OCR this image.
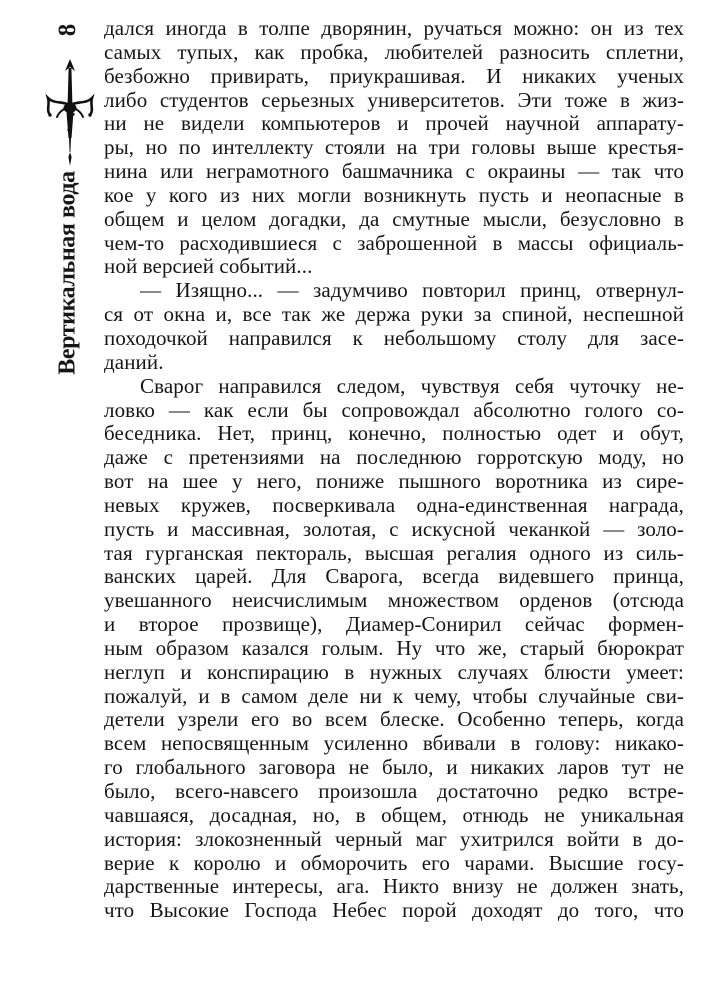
8
Вертикальная вода
дался иногда в толпе дворянин, ручаться можно: он из тех
самых тупых, как пробка, любителей разносить сплетни,
безбожно привирать, приукрашивая. И никаких ученых
либо студентов серьезных университетов. Эти тоже в жиз-
ни не видели компьютеров и прочей научной аппарату-
ры, но по интеллекту стояли на три головы выше крестья-
нина или неграмотного башмачника с окраины — так что
кое у кого из них могли возникнуть пусть и неопасные в
общем и целом догадки, да смутные мысли, безусловно в
чем-то расходившиеся с заброшенной в массы официаль-
ной версией событий...
— Изящно... — задумчиво повторил принц, отвернул-
ся от окна и, все так же держа руки за спиной, неспешной
походочкой направился к небольшому столу для засе-
даний.
Сварог направился следом, чувствуя себя чуточку не-
ловко — как если бы сопровождал абсолютно голого со-
беседника. Нет, принц, конечно, полностью одет и обут,
даже с претензиями на последнюю горротскую моду, но
вот на шее у него, пониже пышного воротника из сире-
невых кружев, посверкивала одна-единственная награда,
пусть и массивная, золотая, с искусной чеканкой — золо-
тая гурганская пектораль, высшая регалия одного из силь-
ванских царей. Для Сварога, всегда видевшего принца,
увешанного неисчислимым множеством орденов (отсюда
и второе прозвище), Диамер-Сонирил сейчас формен-
ным образом казался голым. Ну что же, старый бюрократ
неглуп и конспирацию в нужных случаях блюсти умеет:
пожалуй, и в самом деле ни к чему, чтобы случайные сви-
детели узрели его во всем блеске. Особенно теперь, когда
всем непосвященным усиленно вбивали в голову: никако-
го глобального заговора не было, и никаких ларов тут не
было, всего-навсего произошла достаточно редко встре-
чавшаяся, досадная, но, в общем, отнюдь не уникальная
история: злокозненный черный маг ухитрился войти в до-
верие к королю и обморочить его чарами. Высшие госу-
дарственные интересы, ага. Никто внизу не должен знать,
что Высокие Господа Небес порой доходят до того, что
